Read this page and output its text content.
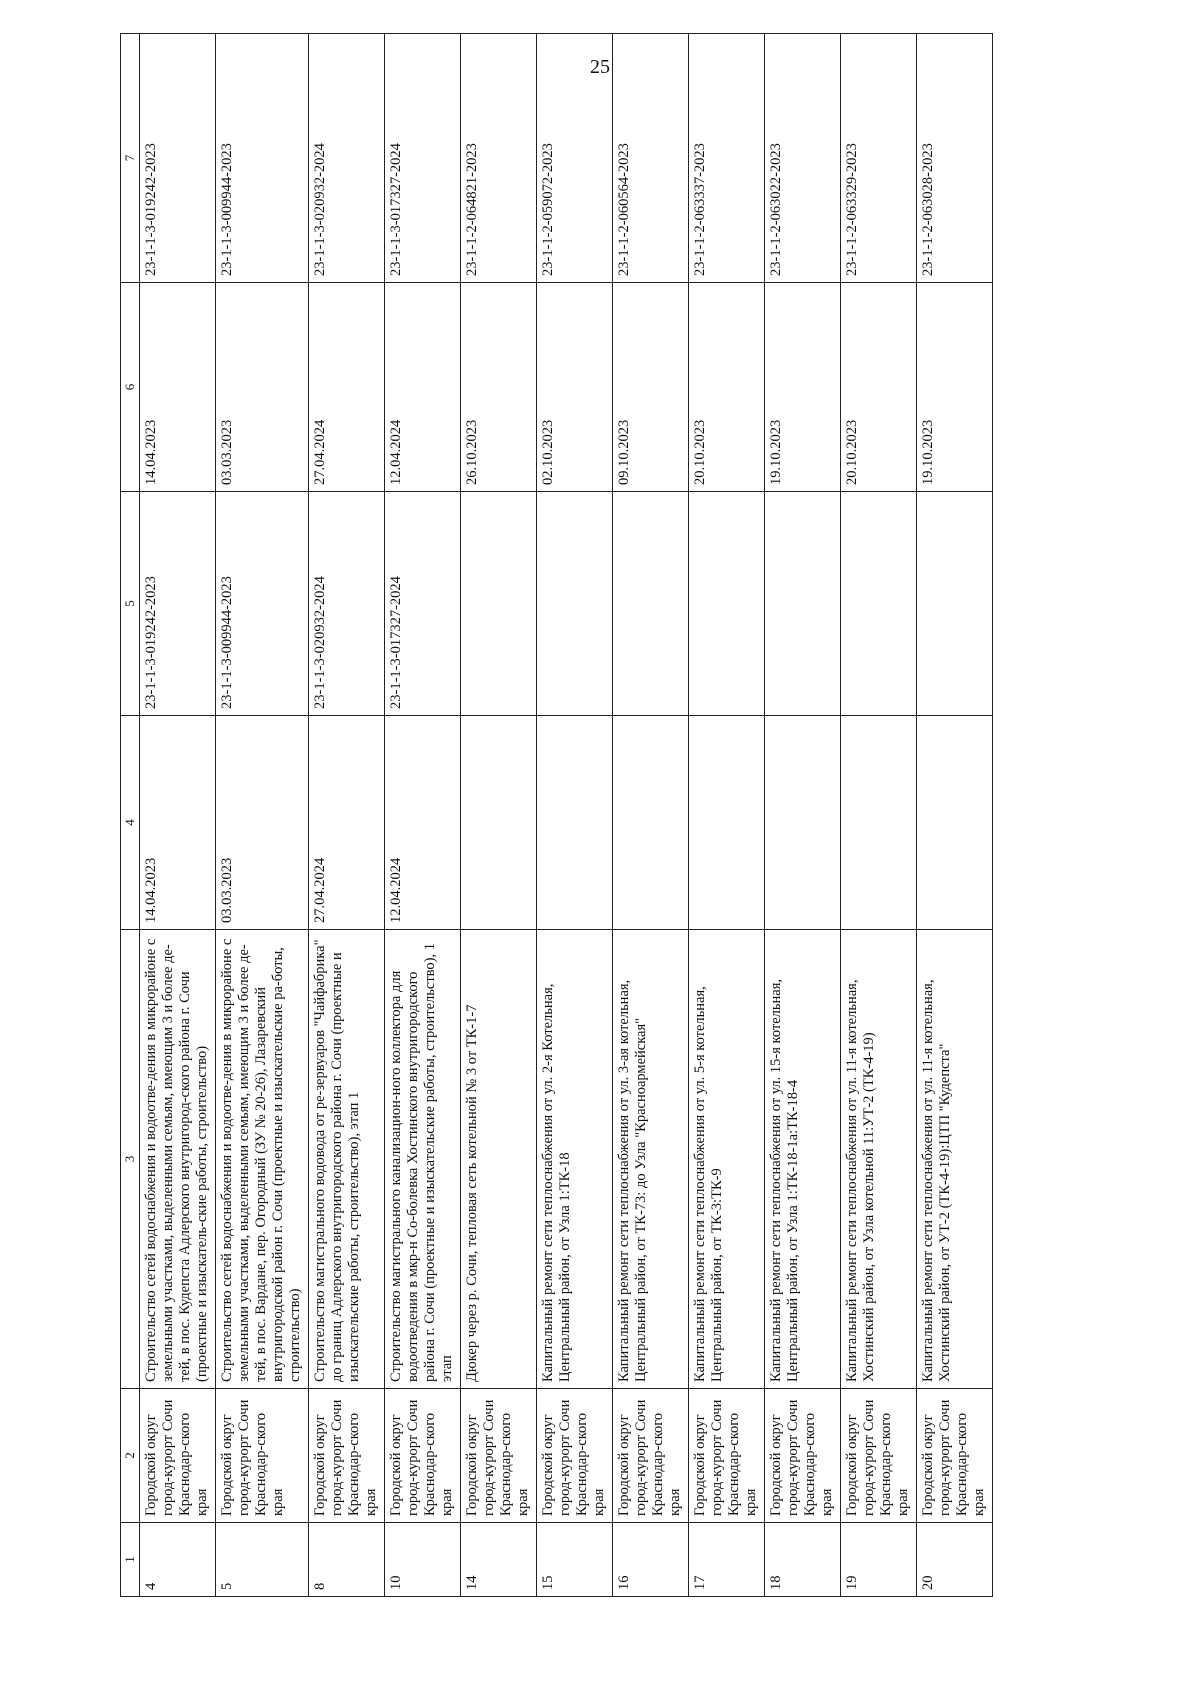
25
1	2	3	4	5	6	7
4	Городской округ город-курорт Сочи Краснодар-ского края	Строительство сетей водоснабжения и водоотве-дения в микрорайоне с земельными участками, выделенными семьям, имеющим 3 и более де-тей, в пос. Кудепста Адлерского внутригород-ского района г. Сочи (проектные и изыскатель-ские работы, строительство)	14.04.2023	23-1-1-3-019242-2023	14.04.2023	23-1-1-3-019242-2023
5	Городской округ город-курорт Сочи Краснодар-ского края	Строительство сетей водоснабжения и водоотве-дения в микрорайоне с земельными участками, выделенными семьям, имеющим 3 и более де-тей, в пос. Вардане, пер. Огородный (ЗУ № 20-26), Лазаревский внутригородской район г. Сочи (проектные и изыскательские ра-боты, строительство)	03.03.2023	23-1-1-3-009944-2023	03.03.2023	23-1-1-3-009944-2023
8	Городской округ город-курорт Сочи Краснодар-ского края	Строительство магистрального водовода от ре-зервуаров "Чайфабрика" до границ Адлерского внутригородского района г. Сочи (проектные и изыскательские работы, строительство), этап 1	27.04.2024	23-1-1-3-020932-2024	27.04.2024	23-1-1-3-020932-2024
10	Городской округ город-курорт Сочи Краснодар-ского края	Строительство магистрального канализацион-ного коллектора для водоотведения в мкр-н Со-болевка Хостинского внутригородского района г. Сочи (проектные и изыскательские работы, строительство), 1 этап	12.04.2024	23-1-1-3-017327-2024	12.04.2024	23-1-1-3-017327-2024
14	Городской округ город-курорт Сочи Краснодар-ского края	Дюкер через р. Сочи, тепловая сеть котельной № 3 от ТК-1-7			26.10.2023	23-1-1-2-064821-2023
15	Городской округ город-курорт Сочи Краснодар-ского края	Капитальный ремонт сети теплоснабжения от ул. 2-я Котельная, Центральный район, от Узла 1:ТК-18			02.10.2023	23-1-1-2-059072-2023
16	Городской округ город-курорт Сочи Краснодар-ского края	Капитальный ремонт сети теплоснабжения от ул. 3-ая котельная, Центральный район, от ТК-73: до Узла "Красноармейская"			09.10.2023	23-1-1-2-060564-2023
17	Городской округ город-курорт Сочи Краснодар-ского края	Капитальный ремонт сети теплоснабжения от ул. 5-я котельная, Центральный район, от ТК-3:ТК-9			20.10.2023	23-1-1-2-063337-2023
18	Городской округ город-курорт Сочи Краснодар-ского края	Капитальный ремонт сети теплоснабжения от ул. 15-я котельная, Центральный район, от Узла 1:ТК-18-1а:ТК-18-4			19.10.2023	23-1-1-2-063022-2023
19	Городской округ город-курорт Сочи Краснодар-ского края	Капитальный ремонт сети теплоснабжения от ул. 11-я котельная, Хостинский район, от Узла котельной 11:УТ-2 (ТК-4-19)			20.10.2023	23-1-1-2-063329-2023
20	Городской округ город-курорт Сочи Краснодар-ского края	Капитальный ремонт сети теплоснабжения от ул. 11-я котельная, Хостинский район, от УТ-2 (ТК-4-19):ЦТП "Кудепста"			19.10.2023	23-1-1-2-063028-2023
